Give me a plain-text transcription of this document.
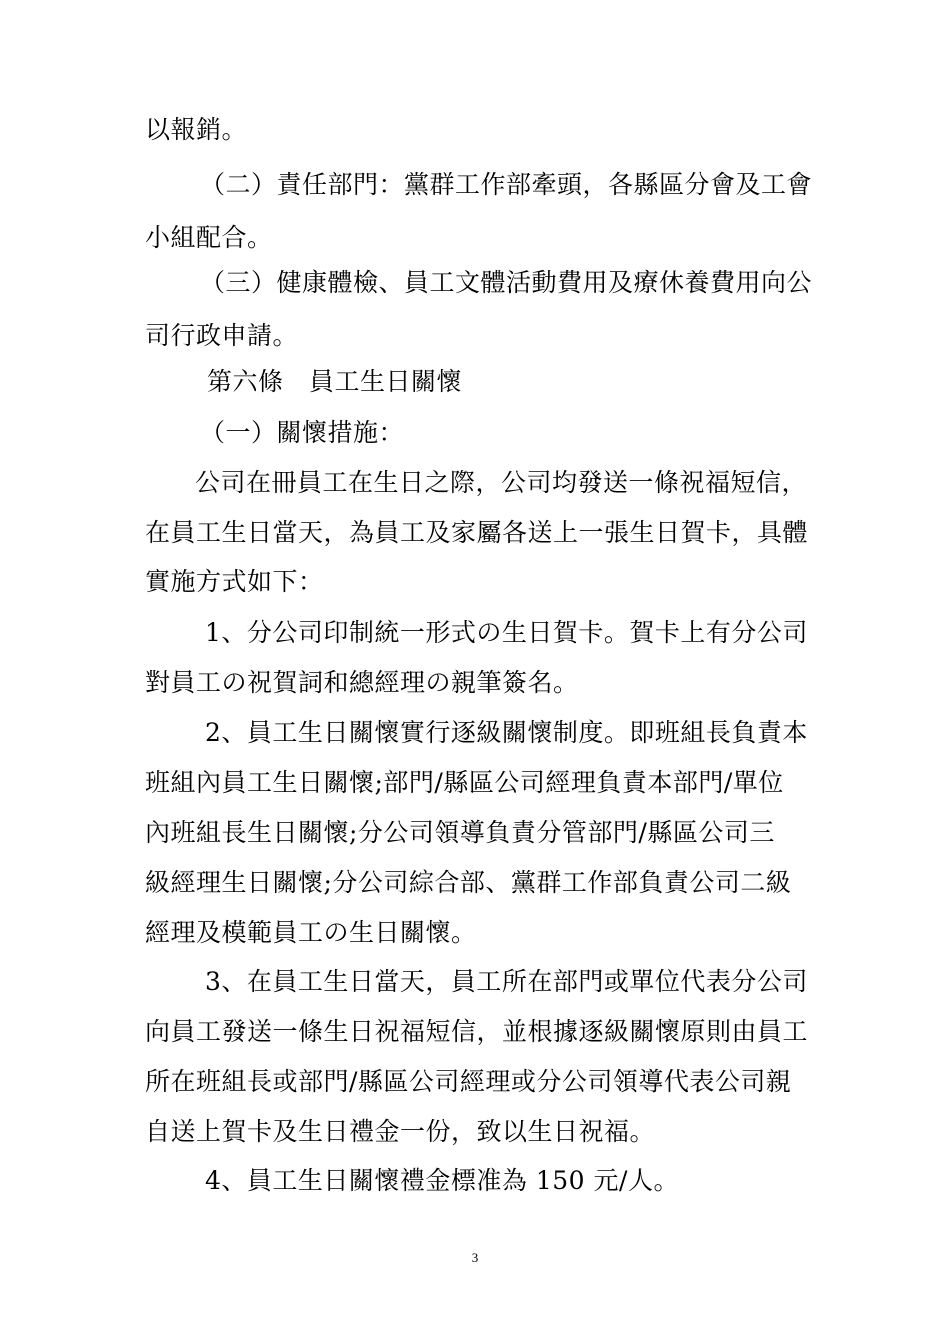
以報銷。
（二）責任部門：黨群工作部牽頭，各縣區分會及工會
小組配合。
（三）健康體檢、員工文體活動費用及療休養費用向公
司行政申請。
第六條　員工生日關懷
（一）關懷措施：
公司在冊員工在生日之際，公司均發送一條祝福短信，
在員工生日當天，為員工及家屬各送上一張生日賀卡，具體
實施方式如下：
1、分公司印制統一形式の生日賀卡。賀卡上有分公司
對員工の祝賀詞和總經理の親筆簽名。
2、員工生日關懷實行逐級關懷制度。即班組長負責本
班組內員工生日關懷;部門/縣區公司經理負責本部門/單位
內班組長生日關懷;分公司領導負責分管部門/縣區公司三
級經理生日關懷;分公司綜合部、黨群工作部負責公司二級
經理及模範員工の生日關懷。
3、在員工生日當天，員工所在部門或單位代表分公司
向員工發送一條生日祝福短信，並根據逐級關懷原則由員工
所在班組長或部門/縣區公司經理或分公司領導代表公司親
自送上賀卡及生日禮金一份，致以生日祝福。
4、員工生日關懷禮金標准為 150 元/人。
3
